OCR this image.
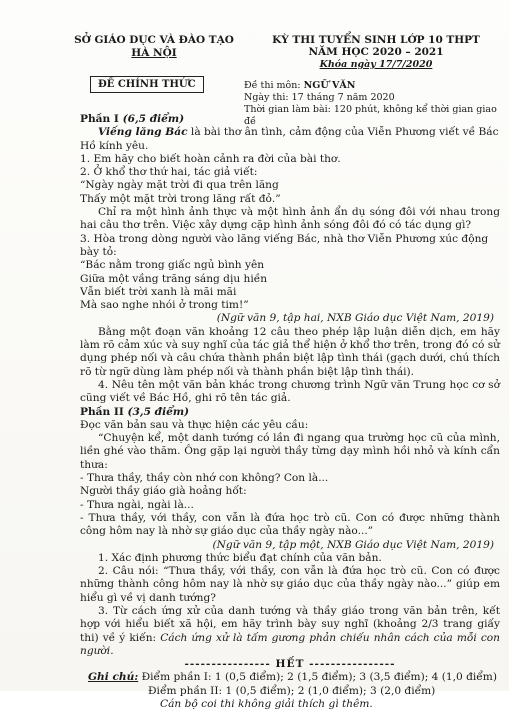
SỞ GIÁO DỤC VÀ ĐÀO TẠO
HÀ NỘI
ĐỀ CHÍNH THỨC
KỲ THI TUYỂN SINH LỚP 10 THPT
NĂM HỌC 2020 – 2021
Khóa ngày 17/7/2020
Đề thi môn: NGỮ VĂN
Ngày thi: 17 tháng 7 năm 2020
Thời gian làm bài: 120 phút, không kể thời gian giao đề

Phần I (6,5 điểm)

Viếng lăng Bác là bài thơ ân tình, cảm động của Viễn Phương viết về Bác Hồ kính yêu.

1. Em hãy cho biết hoàn cảnh ra đời của bài thơ.

2. Ở khổ thơ thứ hai, tác giả viết:

“Ngày ngày mặt trời đi qua trên lăng

Thấy một mặt trời trong lăng rất đỏ.”

Chỉ ra một hình ảnh thực và một hình ảnh ẩn dụ sóng đôi với nhau trong hai câu thơ trên. Việc xây dựng cặp hình ảnh sóng đôi đó có tác dụng gì?

3. Hòa trong dòng người vào lăng viếng Bác, nhà thơ Viễn Phương xúc động bày tỏ:

“Bác nằm trong giấc ngủ bình yên

Giữa một vầng trăng sáng dịu hiền

Vẫn biết trời xanh là mãi mãi

Mà sao nghe nhói ở trong tim!”

(Ngữ văn 9, tập hai, NXB Giáo dục Việt Nam, 2019)

Bằng một đoạn văn khoảng 12 câu theo phép lập luận diễn dịch, em hãy làm rõ cảm xúc và suy nghĩ của tác giả thể hiện ở khổ thơ trên, trong đó có sử dụng phép nối và câu chứa thành phần biệt lập tình thái (gạch dưới, chú thích rõ từ ngữ dùng làm phép nối và thành phần biệt lập tình thái).

4. Nêu tên một văn bản khác trong chương trình Ngữ văn Trung học cơ sở cũng viết về Bác Hồ, ghi rõ tên tác giả.

Phần II (3,5 điểm)

Đọc văn bản sau và thực hiện các yêu cầu:

“Chuyện kể, một danh tướng có lần đi ngang qua trường học cũ của mình, liền ghé vào thăm. Ông gặp lại người thầy từng dạy mình hồi nhỏ và kính cẩn thưa:

- Thưa thầy, thầy còn nhớ con không? Con là...

Người thầy giáo già hoảng hốt:

- Thưa ngài, ngài là...

- Thưa thầy, với thầy, con vẫn là đứa học trò cũ. Con có được những thành công hôm nay là nhờ sự giáo dục của thầy ngày nào...”

(Ngữ văn 9, tập một, NXB Giáo dục Việt Nam, 2019)

1. Xác định phương thức biểu đạt chính của văn bản.

2. Câu nói: “Thưa thầy, với thầy, con vẫn là đứa học trò cũ. Con có được những thành công hôm nay là nhờ sự giáo dục của thầy ngày nào...” giúp em hiểu gì về vị danh tướng?

3. Từ cách ứng xử của danh tướng và thầy giáo trong văn bản trên, kết hợp với hiểu biết xã hội, em hãy trình bày suy nghĩ (khoảng 2/3 trang giấy thi) về ý kiến: Cách ứng xử là tấm gương phản chiếu nhân cách của mỗi con người.

---------------- HẾT ----------------

Ghi chú: Điểm phần I: 1 (0,5 điểm); 2 (1,5 điểm); 3 (3,5 điểm); 4 (1,0 điểm)

Điểm phần II: 1 (0,5 điểm); 2 (1,0 điểm); 3 (2,0 điểm)

Cán bộ coi thi không giải thích gì thêm.
